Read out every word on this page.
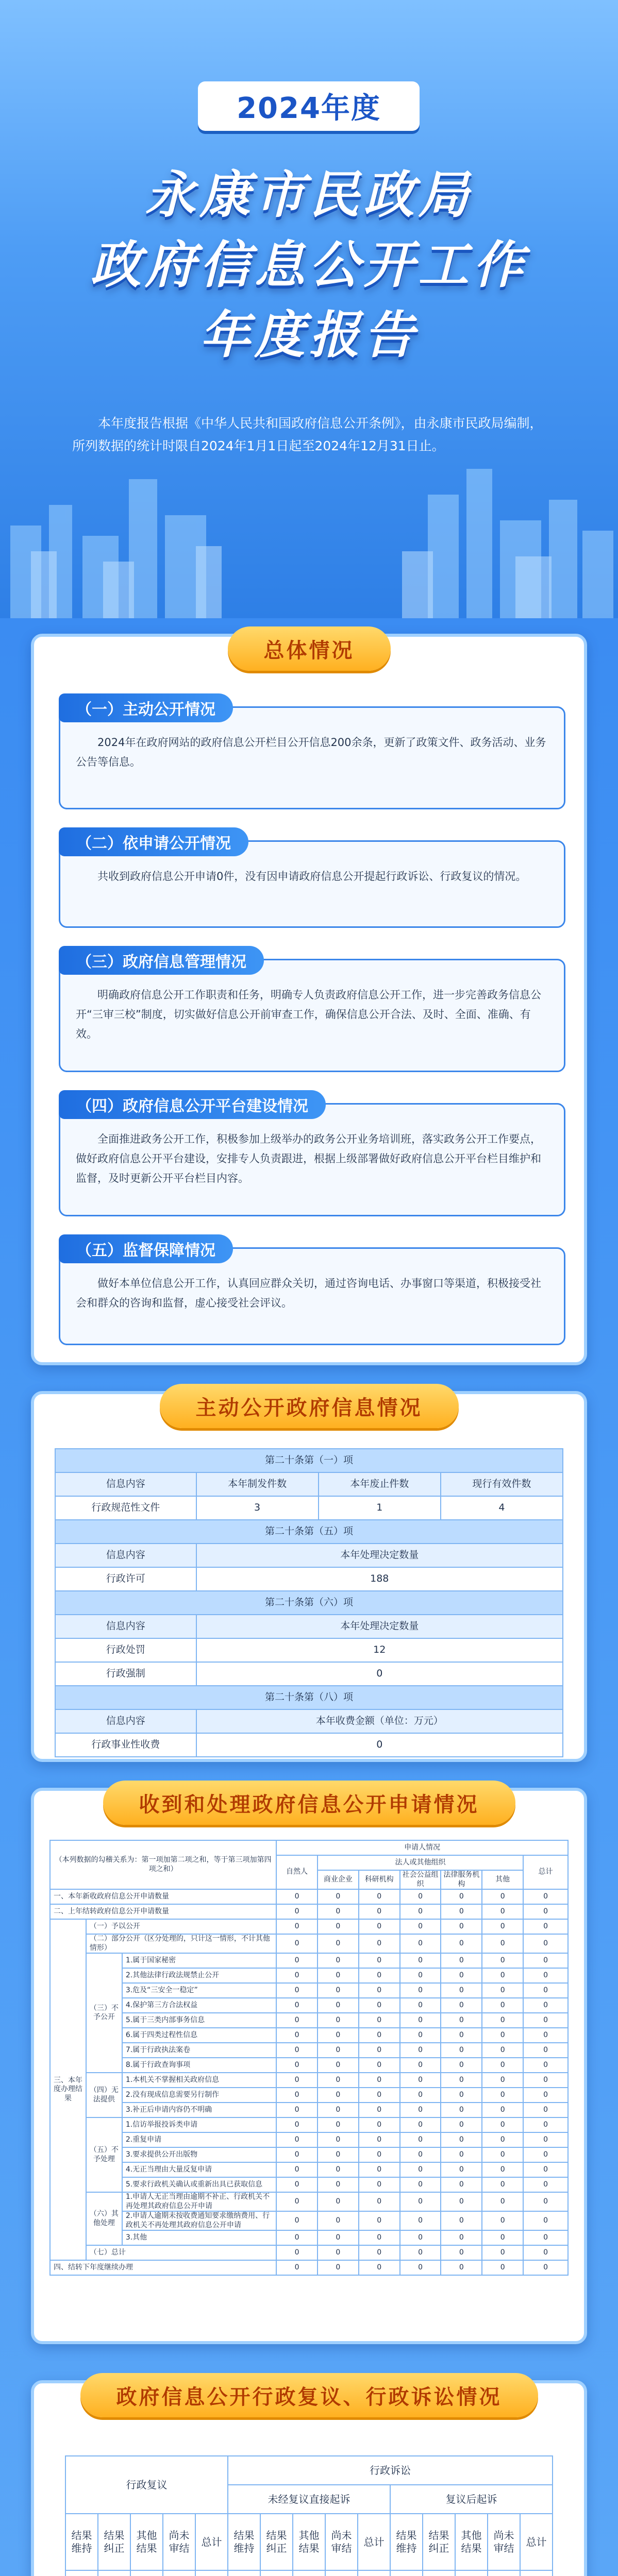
2024年度
永康市民政局
政府信息公开工作
年度报告
本年度报告根据《中华人民共和国政府信息公开条例》，由永康市民政局编制，所列数据的统计时限自2024年1月1日起至2024年12月31日止。
总体情况
（一）主动公开情况
2024年在政府网站的政府信息公开栏目公开信息200余条，更新了政策文件、政务活动、业务公告等信息。
（二）依申请公开情况
共收到政府信息公开申请0件，没有因申请政府信息公开提起行政诉讼、行政复议的情况。
（三）政府信息管理情况
明确政府信息公开工作职责和任务，明确专人负责政府信息公开工作，进一步完善政务信息公开“三审三校”制度，切实做好信息公开前审查工作，确保信息公开合法、及时、全面、准确、有效。
（四）政府信息公开平台建设情况
全面推进政务公开工作，积极参加上级举办的政务公开业务培训班，落实政务公开工作要点，做好政府信息公开平台建设，安排专人负责跟进，根据上级部署做好政府信息公开平台栏目维护和监督，及时更新公开平台栏目内容。
（五）监督保障情况
做好本单位信息公开工作，认真回应群众关切，通过咨询电话、办事窗口等渠道，积极接受社会和群众的咨询和监督，虚心接受社会评议。
主动公开政府信息情况
第二十条第（一）项			
信息内容	本年制发件数	本年废止件数	现行有效件数
行政规范性文件	3	1	4
第二十条第（五）项			
信息内容	本年处理决定数量		
行政许可	188		
第二十条第（六）项			
信息内容	本年处理决定数量		
行政处罚	12		
行政强制	0		
第二十条第（八）项			
信息内容	本年收费金额（单位：万元）		
行政事业性收费	0		
收到和处理政府信息公开申请情况
（本列数据的勾稽关系为：第一项加第二项之和，等于第三项加第四项之和）			申请人情况						
			自然人	法人或其他组织					总计
				商业企业	科研机构	社会公益组织	法律服务机构	其他	
一、本年新收政府信息公开申请数量			0	0	0	0	0	0	0
二、上年结转政府信息公开申请数量			0	0	0	0	0	0	0
三、本年度办理结果	（一）予以公开		0	0	0	0	0	0	0
	（二）部分公开（区分处理的，只计这一情形，不计其他情形）		0	0	0	0	0	0	0
	（三）不予公开	1.属于国家秘密	0	0	0	0	0	0	0
		2.其他法律行政法规禁止公开	0	0	0	0	0	0	0
		3.危及“三安全一稳定”	0	0	0	0	0	0	0
		4.保护第三方合法权益	0	0	0	0	0	0	0
		5.属于三类内部事务信息	0	0	0	0	0	0	0
		6.属于四类过程性信息	0	0	0	0	0	0	0
		7.属于行政执法案卷	0	0	0	0	0	0	0
		8.属于行政查询事项	0	0	0	0	0	0	0
	（四）无法提供	1.本机关不掌握相关政府信息	0	0	0	0	0	0	0
		2.没有现成信息需要另行制作	0	0	0	0	0	0	0
		3.补正后申请内容仍不明确	0	0	0	0	0	0	0
	（五）不予处理	1.信访举报投诉类申请	0	0	0	0	0	0	0
		2.重复申请	0	0	0	0	0	0	0
		3.要求提供公开出版物	0	0	0	0	0	0	0
		4.无正当理由大量反复申请	0	0	0	0	0	0	0
		5.要求行政机关确认或重新出具已获取信息	0	0	0	0	0	0	0
	（六）其他处理	1.申请人无正当理由逾期不补正、行政机关不再处理其政府信息公开申请	0	0	0	0	0	0	0
		2.申请人逾期未按收费通知要求缴纳费用、行政机关不再处理其政府信息公开申请	0	0	0	0	0	0	0
		3.其他	0	0	0	0	0	0	0
	（七）总计		0	0	0	0	0	0	0
四、结转下年度继续办理			0	0	0	0	0	0	0
政府信息公开行政复议、行政诉讼情况
行政复议					行政诉讼									
					未经复议直接起诉					复议后起诉				
结果维持	结果纠正	其他结果	尚未审结	总计	结果维持	结果纠正	其他结果	尚未审结	总计	结果维持	结果纠正	其他结果	尚未审结	总计
